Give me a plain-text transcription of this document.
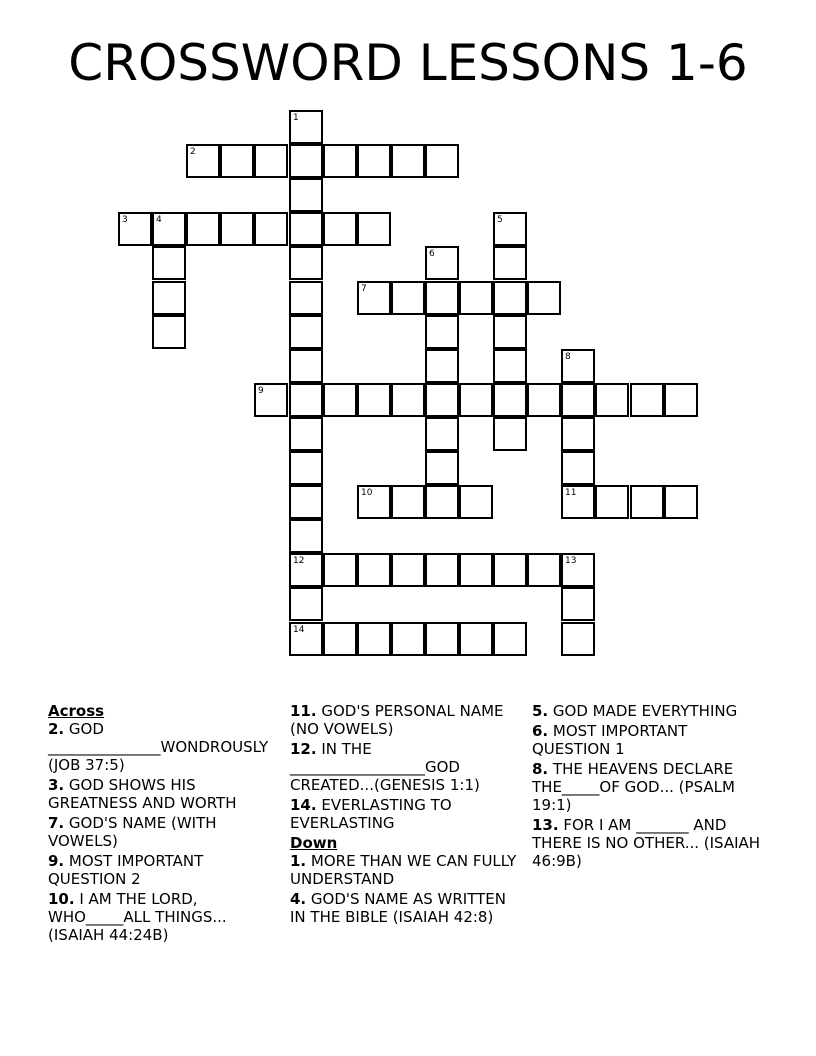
CROSSWORD LESSONS 1-6
1
12
14
2
3	4	5
6
7
8
11
9
10
13
Across
2. GOD _______________WONDROUSLY (JOB 37:5)
3. GOD SHOWS HIS GREATNESS AND WORTH
7. GOD'S NAME (WITH VOWELS)
9. MOST IMPORTANT QUESTION 2
10. I AM THE LORD, WHO_____ALL THINGS... (ISAIAH 44:24B)
11. GOD'S PERSONAL NAME (NO VOWELS)
12. IN THE __________________GOD CREATED...(GENESIS 1:1)
14. EVERLASTING TO EVERLASTING
Down
1. MORE THAN WE CAN FULLY UNDERSTAND
4. GOD'S NAME AS WRITTEN IN THE BIBLE (ISAIAH 42:8)
5. GOD MADE EVERYTHING
6. MOST IMPORTANT QUESTION 1
8. THE HEAVENS DECLARE THE_____OF GOD... (PSALM 19:1)
13. FOR I AM _______ AND THERE IS NO OTHER... (ISAIAH 46:9B)
